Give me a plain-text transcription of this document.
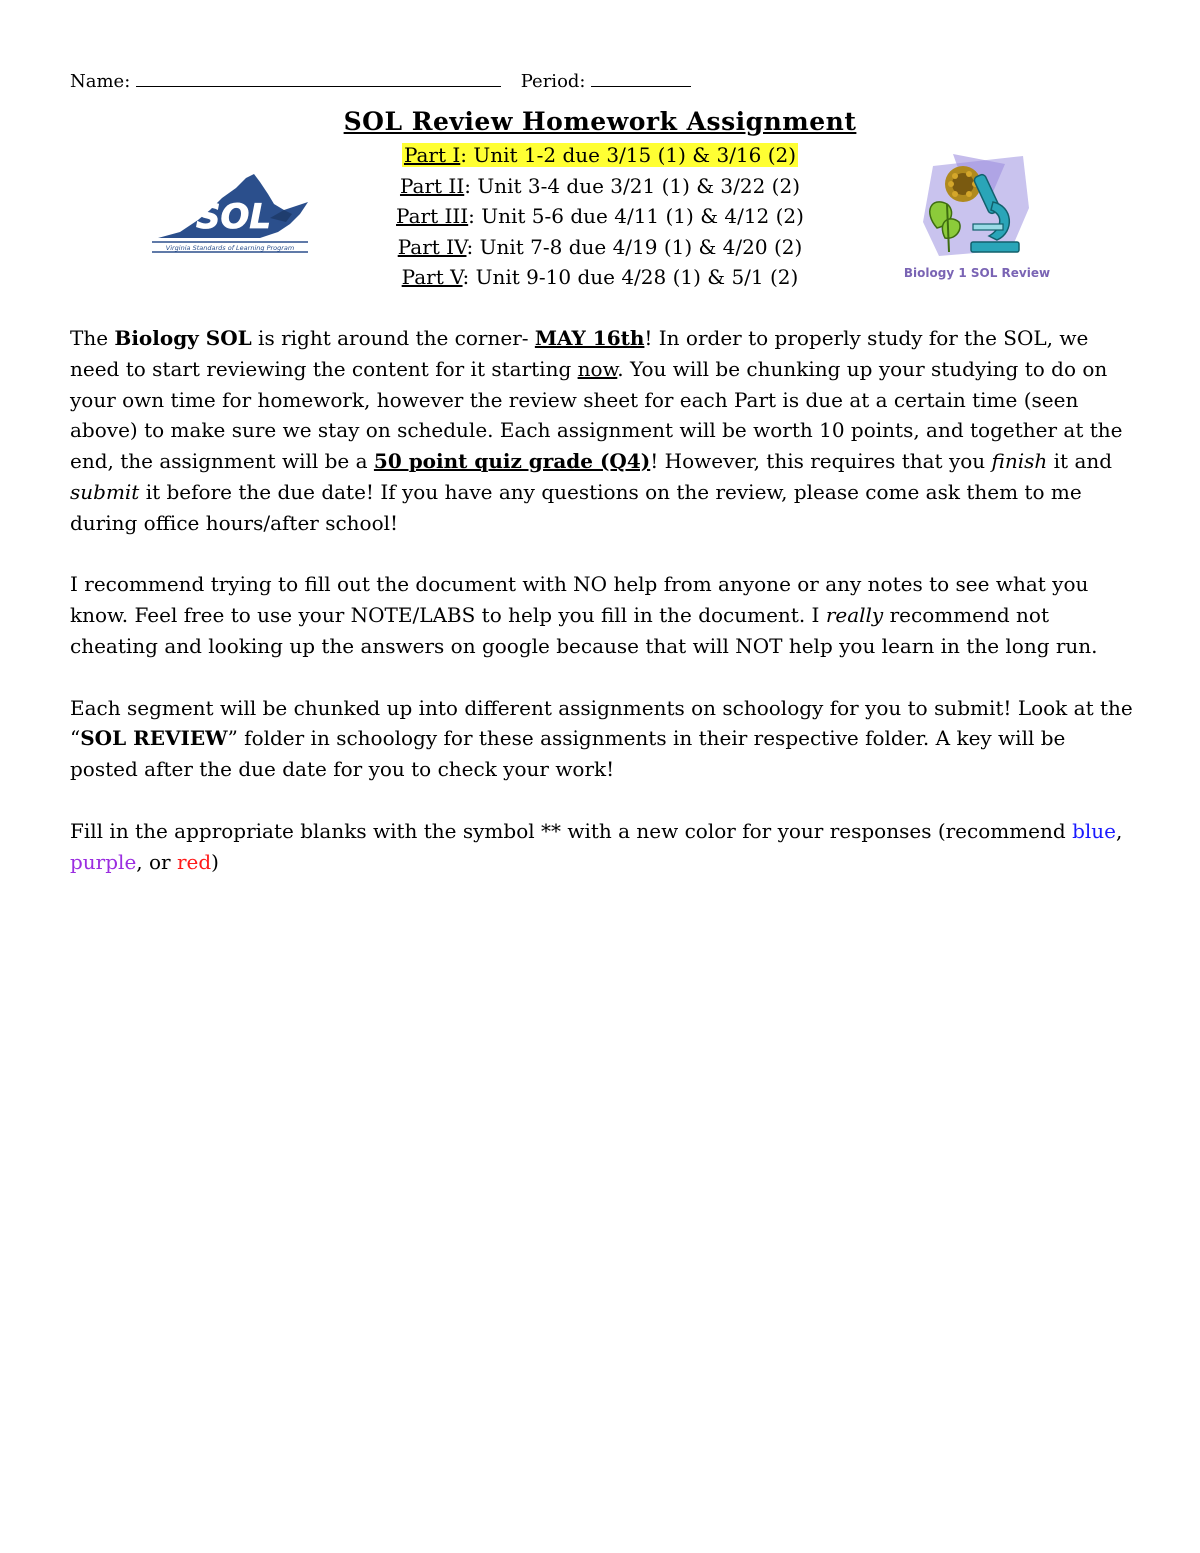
Name:	Period:
SOL Review Homework Assignment
Part I: Unit 1-2 due 3/15 (1) & 3/16 (2)
Part II: Unit 3-4 due 3/21 (1) & 3/22 (2)
Part III: Unit 5-6 due 4/11 (1) & 4/12 (2)
Part IV: Unit 7-8 due 4/19 (1) & 4/20 (2)
Part V: Unit 9-10 due 4/28 (1) & 5/1 (2)
SOL
Virginia Standards of Learning Program
Biology 1 SOL Review

The Biology SOL is right around the corner- MAY 16th! In order to properly study for the SOL, we need to start reviewing the content for it starting now. You will be chunking up your studying to do on your own time for homework, however the review sheet for each Part is due at a certain time (seen above) to make sure we stay on schedule. Each assignment will be worth 10 points, and together at the end, the assignment will be a 50 point quiz grade (Q4)! However, this requires that you finish it and submit it before the due date! If you have any questions on the review, please come ask them to me during office hours/after school!

I recommend trying to fill out the document with NO help from anyone or any notes to see what you know. Feel free to use your NOTE/LABS to help you fill in the document. I really recommend not cheating and looking up the answers on google because that will NOT help you learn in the long run.

Each segment will be chunked up into different assignments on schoology for you to submit! Look at the “SOL REVIEW” folder in schoology for these assignments in their respective folder. A key will be posted after the due date for you to check your work!

Fill in the appropriate blanks with the symbol ** with a new color for your responses (recommend blue, purple, or red)
